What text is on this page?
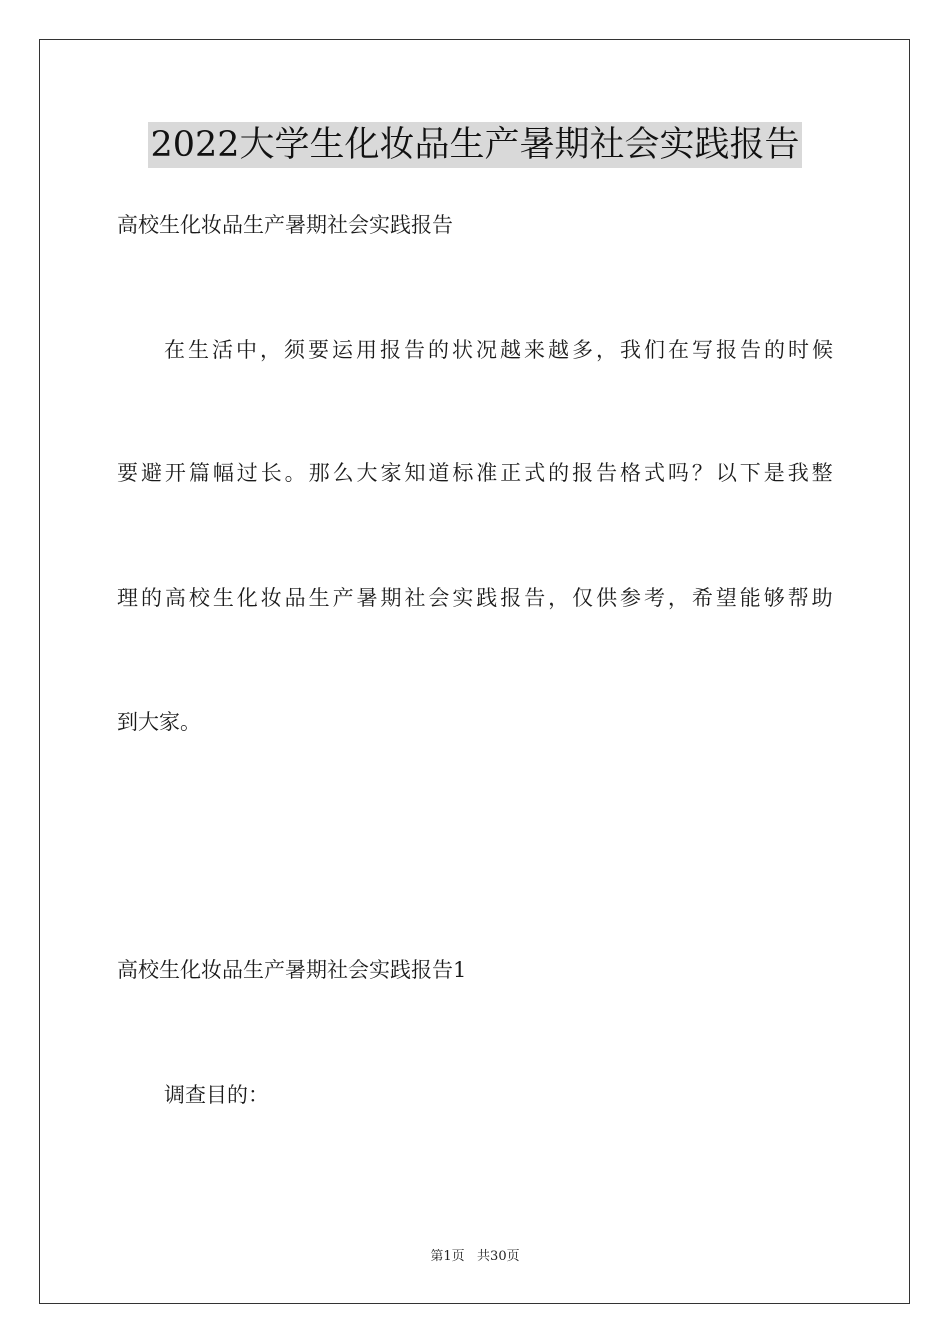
2022大学生化妆品生产暑期社会实践报告
高校生化妆品生产暑期社会实践报告
在 生 活 中 ， 须 要 运 用 报 告 的 状 况 越 来 越 多 ， 我 们 在 写 报 告 的 时 候
要 避 开 篇 幅 过 长 。 那 么 大 家 知 道 标 准 正 式 的 报 告 格 式 吗 ？ 以 下 是 我 整
理 的 高 校 生 化 妆 品 生 产 暑 期 社 会 实 践 报 告 ， 仅 供 参 考 ， 希 望 能 够 帮 助
到大家。
高校生化妆品生产暑期社会实践报告1
调查目的：
第1页   共30页
